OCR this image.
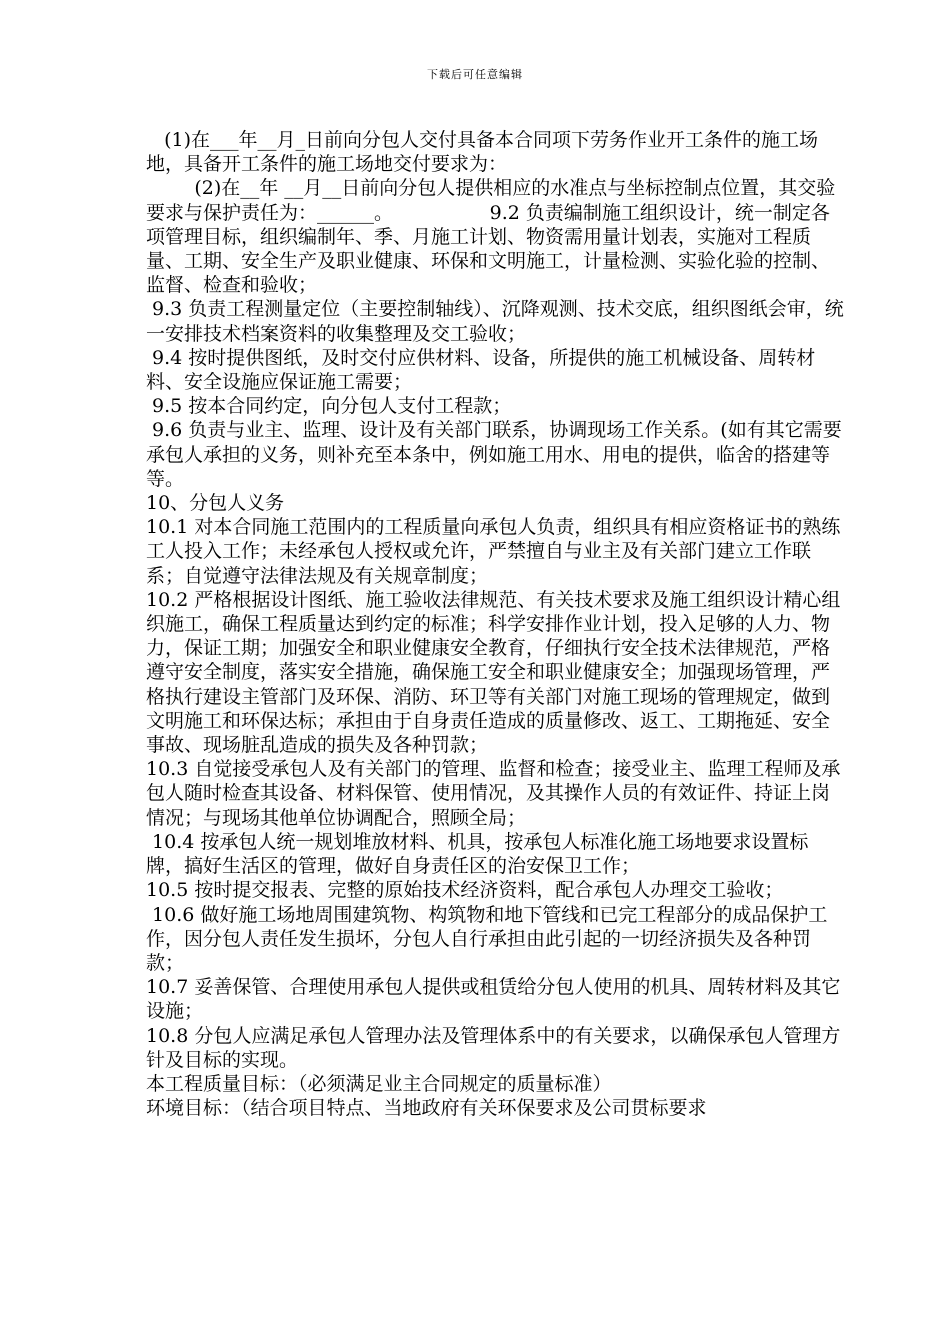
下载后可任意编辑

(1)在___年__月_日前向分包人交付具备本合同项下劳务作业开工条件的施工场地，具备开工条件的施工场地交付要求为：

(2)在__年 __月__日前向分包人提供相应的水准点与坐标控制点位置，其交验要求与保护责任为：______。                9.2 负责编制施工组织设计，统一制定各项管理目标，组织编制年、季、月施工计划、物资需用量计划表，实施对工程质量、工期、安全生产及职业健康、环保和文明施工，计量检测、实验化验的控制、监督、检查和验收；

9.3 负责工程测量定位（主要控制轴线）、沉降观测、技术交底，组织图纸会审，统一安排技术档案资料的收集整理及交工验收；

9.4 按时提供图纸，及时交付应供材料、设备，所提供的施工机械设备、周转材料、安全设施应保证施工需要；

9.5 按本合同约定，向分包人支付工程款；

9.6 负责与业主、监理、设计及有关部门联系，协调现场工作关系。(如有其它需要承包人承担的义务，则补充至本条中，例如施工用水、用电的提供，临舍的搭建等等。

10、分包人义务

10.1 对本合同施工范围内的工程质量向承包人负责，组织具有相应资格证书的熟练工人投入工作；未经承包人授权或允许，严禁擅自与业主及有关部门建立工作联系；自觉遵守法律法规及有关规章制度；

10.2 严格根据设计图纸、施工验收法律规范、有关技术要求及施工组织设计精心组织施工，确保工程质量达到约定的标准；科学安排作业计划，投入足够的人力、物力，保证工期；加强安全和职业健康安全教育，仔细执行安全技术法律规范，严格遵守安全制度，落实安全措施，确保施工安全和职业健康安全；加强现场管理，严格执行建设主管部门及环保、消防、环卫等有关部门对施工现场的管理规定，做到文明施工和环保达标；承担由于自身责任造成的质量修改、返工、工期拖延、安全事故、现场脏乱造成的损失及各种罚款；

10.3 自觉接受承包人及有关部门的管理、监督和检查；接受业主、监理工程师及承包人随时检查其设备、材料保管、使用情况，及其操作人员的有效证件、持证上岗情况；与现场其他单位协调配合，照顾全局；

10.4 按承包人统一规划堆放材料、机具，按承包人标准化施工场地要求设置标牌，搞好生活区的管理，做好自身责任区的治安保卫工作；

10.5 按时提交报表、完整的原始技术经济资料，配合承包人办理交工验收；

10.6 做好施工场地周围建筑物、构筑物和地下管线和已完工程部分的成品保护工作，因分包人责任发生损坏，分包人自行承担由此引起的一切经济损失及各种罚款；

10.7 妥善保管、合理使用承包人提供或租赁给分包人使用的机具、周转材料及其它设施；

10.8 分包人应满足承包人管理办法及管理体系中的有关要求，以确保承包人管理方针及目标的实现。

本工程质量目标：（必须满足业主合同规定的质量标准）

环境目标：（结合项目特点、当地政府有关环保要求及公司贯标要求
